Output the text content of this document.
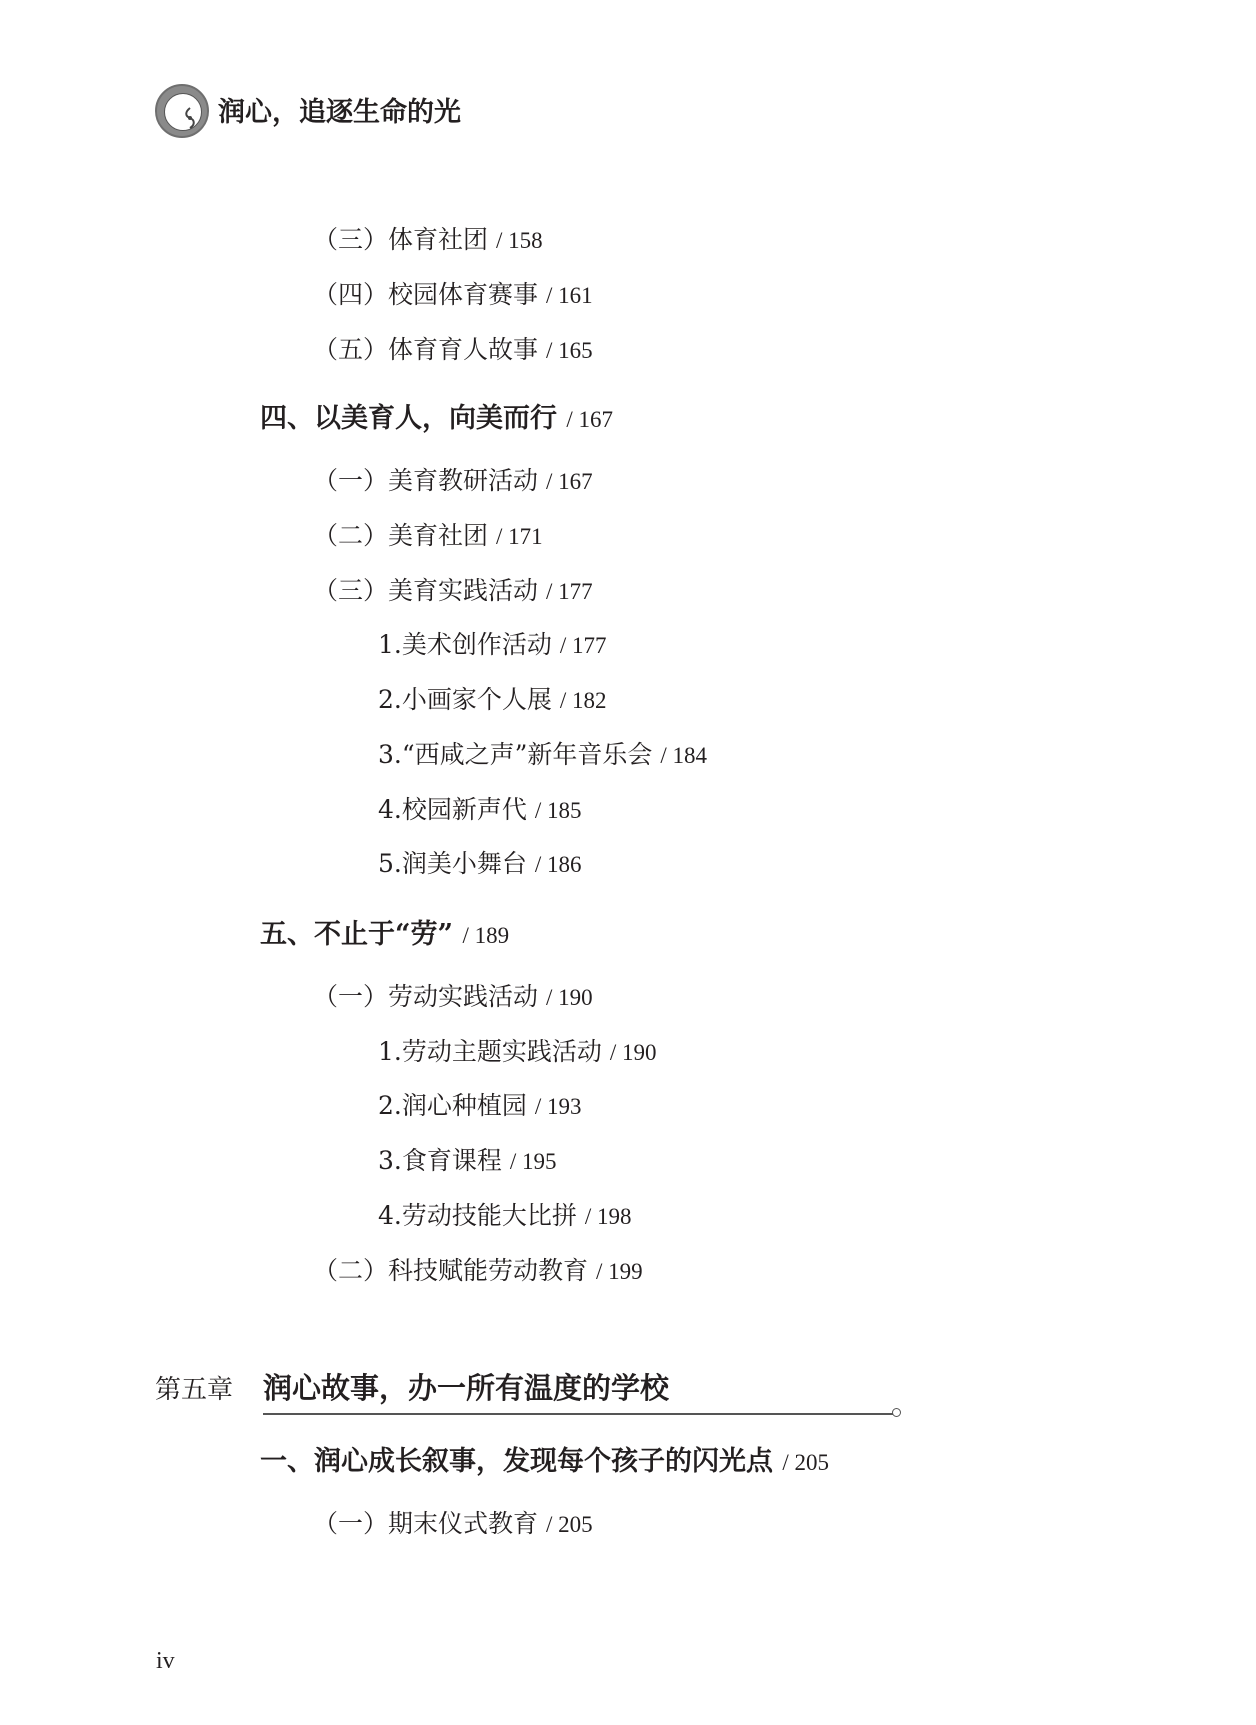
润心，追逐生命的光
（三）体育社团 / 158
（四）校园体育赛事 / 161
（五）体育育人故事 / 165
四、以美育人，向美而行 / 167
（一）美育教研活动 / 167
（二）美育社团 / 171
（三）美育实践活动 / 177
1.美术创作活动 / 177
2.小画家个人展 / 182
3.“西咸之声”新年音乐会 / 184
4.校园新声代 / 185
5.润美小舞台 / 186
五、不止于“劳” / 189
（一）劳动实践活动 / 190
1.劳动主题实践活动 / 190
2.润心种植园 / 193
3.食育课程 / 195
4.劳动技能大比拼 / 198
（二）科技赋能劳动教育 / 199
第五章 润心故事，办一所有温度的学校
一、润心成长叙事，发现每个孩子的闪光点 / 205
（一）期末仪式教育 / 205
iv
